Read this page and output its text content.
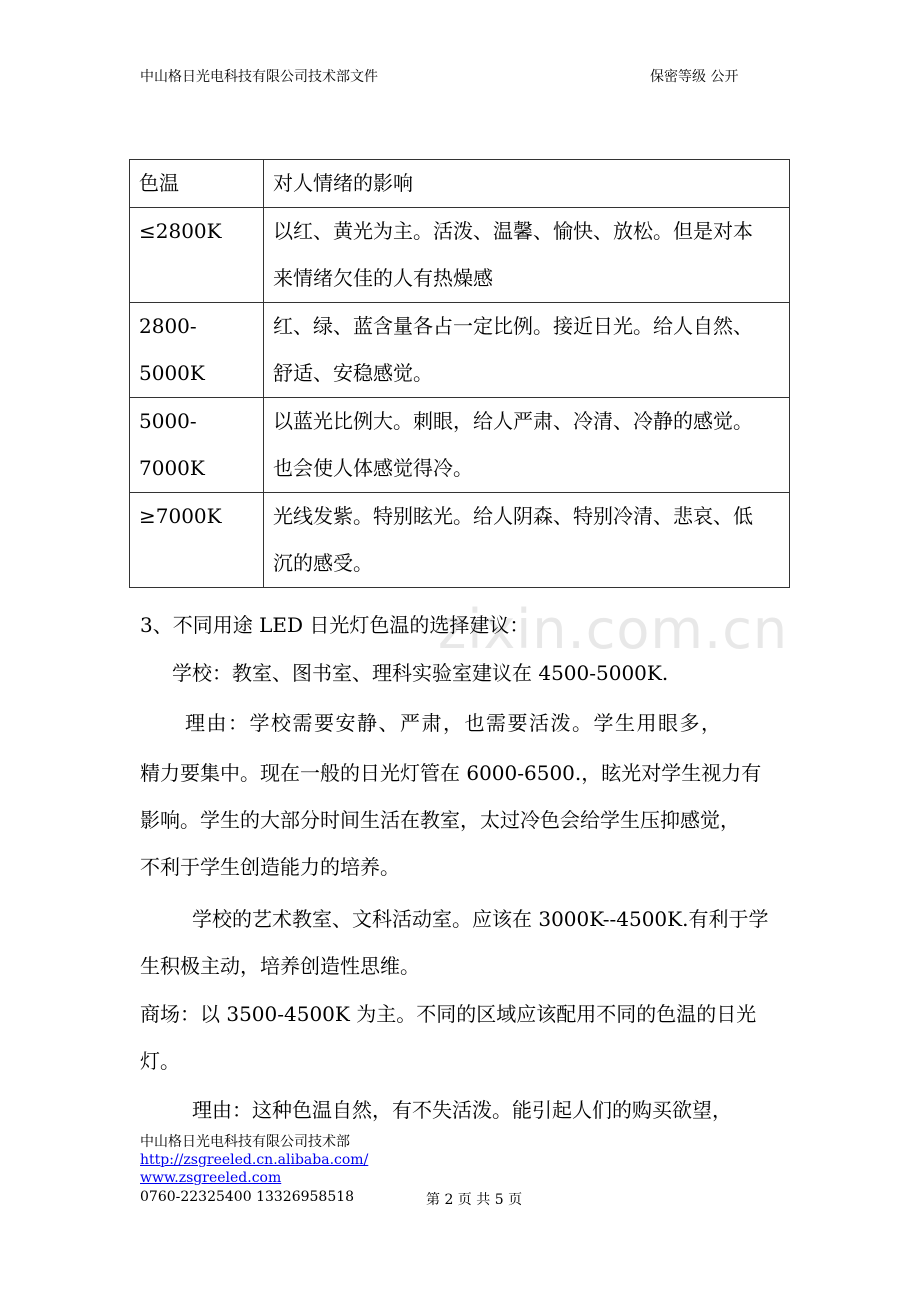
中山格日光电科技有限公司技术部文件	保密等级 公开
色温	对人情绪的影响
≤2800K	以红、黄光为主。活泼、温馨、愉快、放松。但是对本
来情绪欠佳的人有热燥感
2800-5000K	红、绿、蓝含量各占一定比例。接近日光。给人自然、
舒适、安稳感觉。
5000-7000K	以蓝光比例大。刺眼，给人严肃、冷清、冷静的感觉。
也会使人体感觉得冷。
≥7000K	光线发紫。特别眩光。给人阴森、特别冷清、悲哀、低
沉的感受。
zixin.com.cn
3、不同用途 LED 日光灯色温的选择建议：
学校：教室、图书室、理科实验室建议在 4500-5000K.
理由：学校需要安静、严肃，也需要活泼。学生用眼多，
精力要集中。现在一般的日光灯管在 6000-6500.，眩光对学生视力有
影响。学生的大部分时间生活在教室，太过冷色会给学生压抑感觉，
不利于学生创造能力的培养。
学校的艺术教室、文科活动室。应该在 3000K--4500K.有利于学
生积极主动，培养创造性思维。
商场：以 3500-4500K 为主。不同的区域应该配用不同的色温的日光
灯。
理由：这种色温自然，有不失活泼。能引起人们的购买欲望，
中山格日光电科技有限公司技术部
http://zsgreeled.cn.alibaba.com/
www.zsgreeled.com
0760-22325400 13326958518	第 2 页 共 5 页
